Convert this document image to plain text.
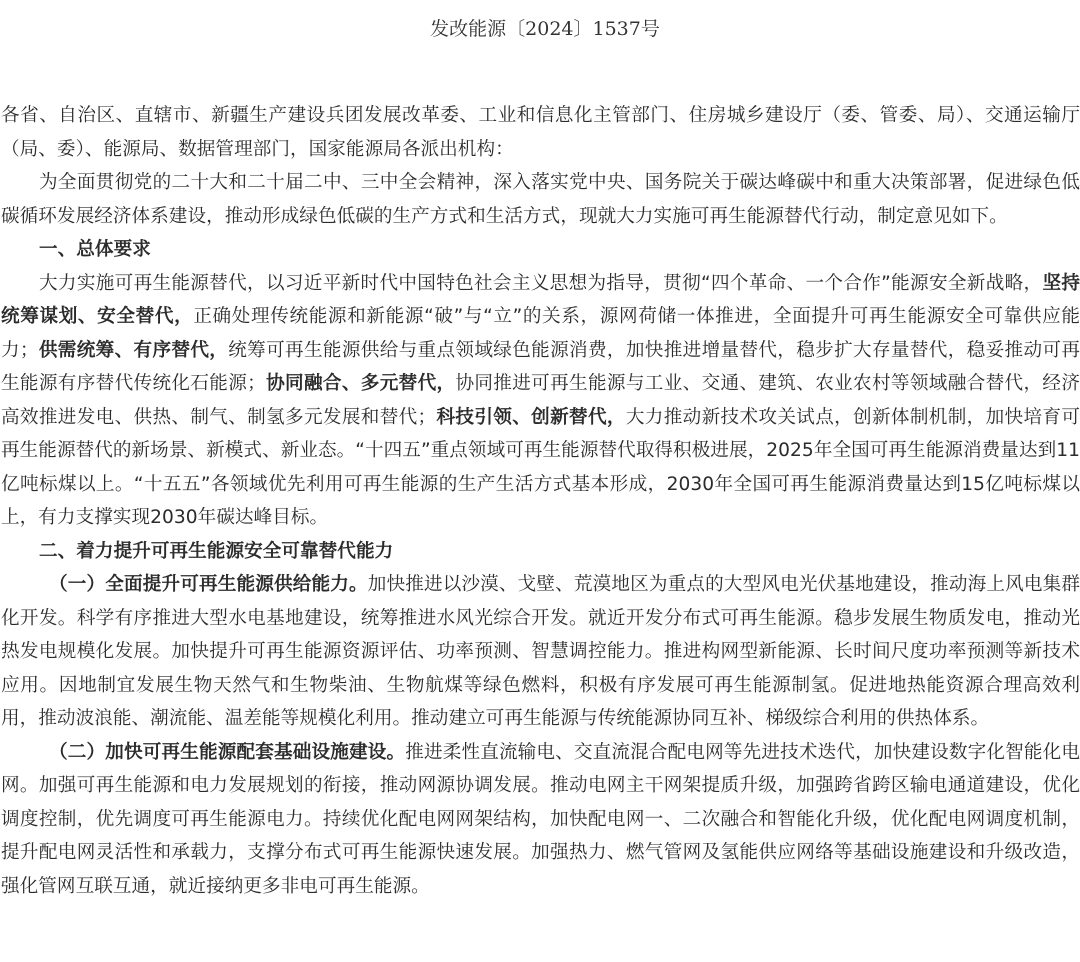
发改能源〔2024〕1537号

各省、自治区、直辖市、新疆生产建设兵团发展改革委、工业和信息化主管部门、住房城乡建设厅（委、管委、局）、交通运输厅（局、委）、能源局、数据管理部门，国家能源局各派出机构：

为全面贯彻党的二十大和二十届二中、三中全会精神，深入落实党中央、国务院关于碳达峰碳中和重大决策部署，促进绿色低碳循环发展经济体系建设，推动形成绿色低碳的生产方式和生活方式，现就大力实施可再生能源替代行动，制定意见如下。

一、总体要求

大力实施可再生能源替代，以习近平新时代中国特色社会主义思想为指导，贯彻“四个革命、一个合作”能源安全新战略，坚持统筹谋划、安全替代，正确处理传统能源和新能源“破”与“立”的关系，源网荷储一体推进，全面提升可再生能源安全可靠供应能力；供需统筹、有序替代，统筹可再生能源供给与重点领域绿色能源消费，加快推进增量替代，稳步扩大存量替代，稳妥推动可再生能源有序替代传统化石能源；协同融合、多元替代，协同推进可再生能源与工业、交通、建筑、农业农村等领域融合替代，经济高效推进发电、供热、制气、制氢多元发展和替代；科技引领、创新替代，大力推动新技术攻关试点，创新体制机制，加快培育可再生能源替代的新场景、新模式、新业态。“十四五”重点领域可再生能源替代取得积极进展，2025年全国可再生能源消费量达到11亿吨标煤以上。“十五五”各领域优先利用可再生能源的生产生活方式基本形成，2030年全国可再生能源消费量达到15亿吨标煤以上，有力支撑实现2030年碳达峰目标。

二、着力提升可再生能源安全可靠替代能力

（一）全面提升可再生能源供给能力。加快推进以沙漠、戈壁、荒漠地区为重点的大型风电光伏基地建设，推动海上风电集群化开发。科学有序推进大型水电基地建设，统筹推进水风光综合开发。就近开发分布式可再生能源。稳步发展生物质发电，推动光热发电规模化发展。加快提升可再生能源资源评估、功率预测、智慧调控能力。推进构网型新能源、长时间尺度功率预测等新技术应用。因地制宜发展生物天然气和生物柴油、生物航煤等绿色燃料，积极有序发展可再生能源制氢。促进地热能资源合理高效利用，推动波浪能、潮流能、温差能等规模化利用。推动建立可再生能源与传统能源协同互补、梯级综合利用的供热体系。

（二）加快可再生能源配套基础设施建设。推进柔性直流输电、交直流混合配电网等先进技术迭代，加快建设数字化智能化电网。加强可再生能源和电力发展规划的衔接，推动网源协调发展。推动电网主干网架提质升级，加强跨省跨区输电通道建设，优化调度控制，优先调度可再生能源电力。持续优化配电网网架结构，加快配电网一、二次融合和智能化升级，优化配电网调度机制，提升配电网灵活性和承载力，支撑分布式可再生能源快速发展。加强热力、燃气管网及氢能供应网络等基础设施建设和升级改造，强化管网互联互通，就近接纳更多非电可再生能源。
